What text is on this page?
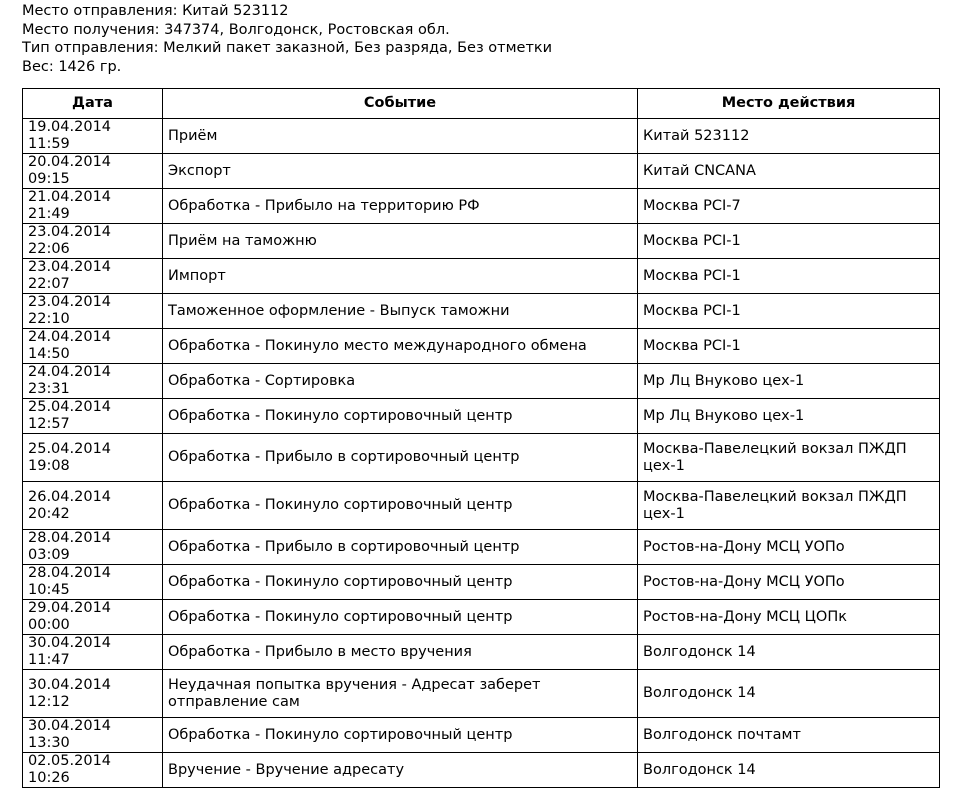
Место отправления: Китай 523112
Место получения: 347374, Волгодонск, Ростовская обл.
Тип отправления: Мелкий пакет заказной, Без разряда, Без отметки
Вес: 1426 гр.
Дата	Событие	Место действия
19.04.2014 11:59	Приём	Китай 523112
20.04.2014 09:15	Экспорт	Китай CNCANA
21.04.2014 21:49	Обработка - Прибыло на территорию РФ	Москва PCI-7
23.04.2014 22:06	Приём на таможню	Москва PCI-1
23.04.2014 22:07	Импорт	Москва PCI-1
23.04.2014 22:10	Таможенное оформление - Выпуск таможни	Москва PCI-1
24.04.2014 14:50	Обработка - Покинуло место международного обмена	Москва PCI-1
24.04.2014 23:31	Обработка - Сортировка	Мр Лц Внуково цех-1
25.04.2014 12:57	Обработка - Покинуло сортировочный центр	Мр Лц Внуково цех-1
25.04.2014 19:08	Обработка - Прибыло в сортировочный центр	Москва-Павелецкий вокзал ПЖДП цех-1
26.04.2014 20:42	Обработка - Покинуло сортировочный центр	Москва-Павелецкий вокзал ПЖДП цех-1
28.04.2014 03:09	Обработка - Прибыло в сортировочный центр	Ростов-на-Дону МСЦ УОПо
28.04.2014 10:45	Обработка - Покинуло сортировочный центр	Ростов-на-Дону МСЦ УОПо
29.04.2014 00:00	Обработка - Покинуло сортировочный центр	Ростов-на-Дону МСЦ ЦОПк
30.04.2014 11:47	Обработка - Прибыло в место вручения	Волгодонск 14
30.04.2014 12:12	Неудачная попытка вручения - Адресат заберет отправление сам	Волгодонск 14
30.04.2014 13:30	Обработка - Покинуло сортировочный центр	Волгодонск почтамт
02.05.2014 10:26	Вручение - Вручение адресату	Волгодонск 14
